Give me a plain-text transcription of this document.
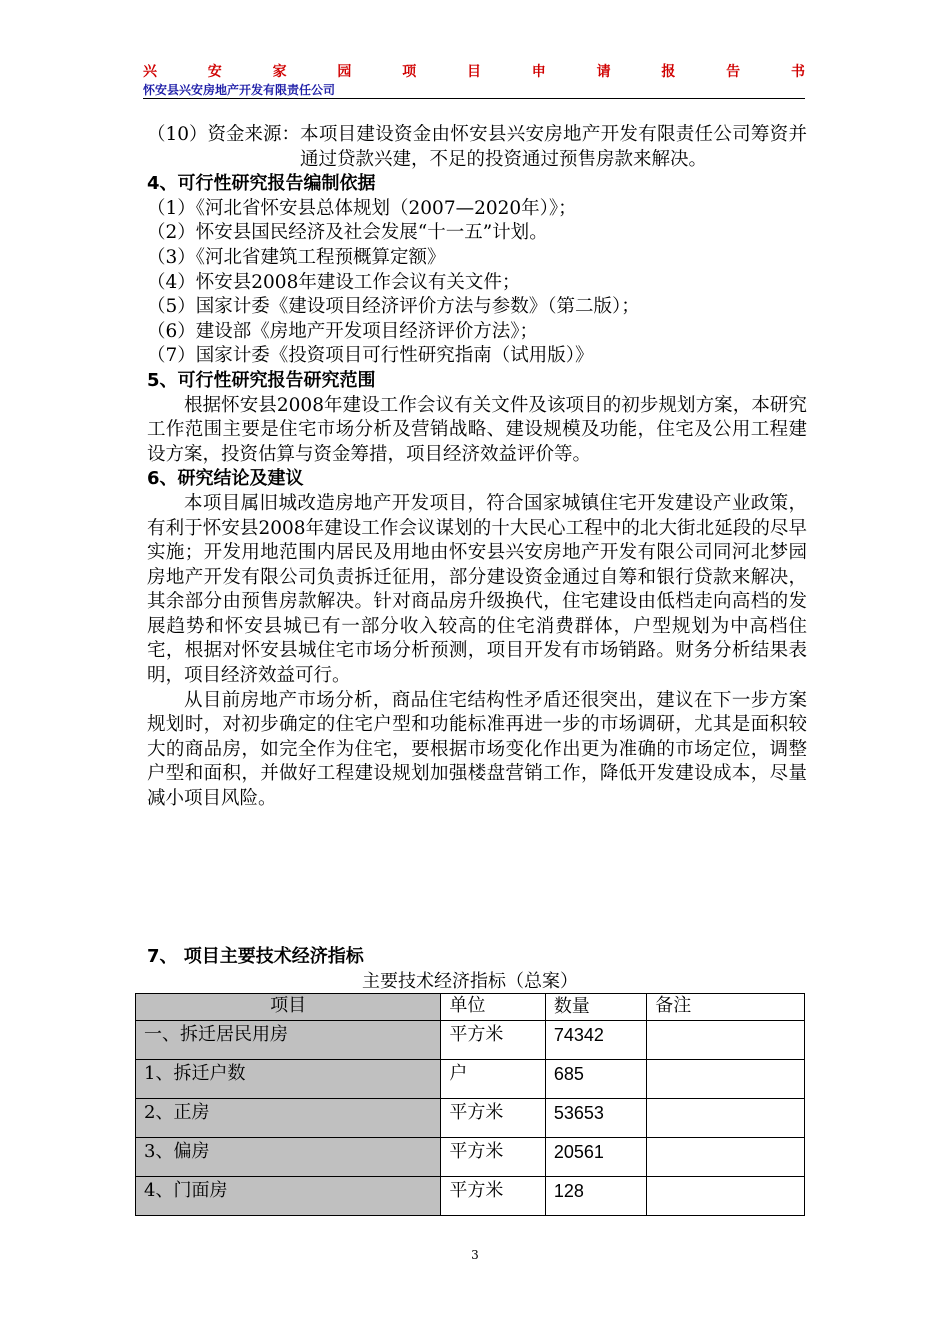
兴	安	家	园	项	目	申	请	报	告	书
怀安县兴安房地产开发有限责任公司
（10）资金来源： 本项目建设资金由怀安县兴安房地产开发有限责任公司筹资并通过贷款兴建，不足的投资通过预售房款来解决。

4、可行性研究报告编制依据

（1）《河北省怀安县总体规划（2007—2020年）》；

（2）怀安县国民经济及社会发展“十一五”计划。

（3）《河北省建筑工程预概算定额》

（4）怀安县2008年建设工作会议有关文件；

（5）国家计委《建设项目经济评价方法与参数》（第二版）；

（6）建设部《房地产开发项目经济评价方法》；

（7）国家计委《投资项目可行性研究指南（试用版）》

5、可行性研究报告研究范围

根据怀安县2008年建设工作会议有关文件及该项目的初步规划方案，本研究工作范围主要是住宅市场分析及营销战略、建设规模及功能，住宅及公用工程建设方案，投资估算与资金筹措，项目经济效益评价等。

6、研究结论及建议

本项目属旧城改造房地产开发项目，符合国家城镇住宅开发建设产业政策，有利于怀安县2008年建设工作会议谋划的十大民心工程中的北大街北延段的尽早实施；开发用地范围内居民及用地由怀安县兴安房地产开发有限公司同河北梦园房地产开发有限公司负责拆迁征用，部分建设资金通过自筹和银行贷款来解决，其余部分由预售房款解决。针对商品房升级换代，住宅建设由低档走向高档的发展趋势和怀安县城已有一部分收入较高的住宅消费群体，户型规划为中高档住宅，根据对怀安县城住宅市场分析预测，项目开发有市场销路。财务分析结果表明，项目经济效益可行。

从目前房地产市场分析，商品住宅结构性矛盾还很突出，建议在下一步方案规划时，对初步确定的住宅户型和功能标准再进一步的市场调研，尤其是面积较大的商品房，如完全作为住宅，要根据市场变化作出更为准确的市场定位，调整户型和面积，并做好工程建设规划加强楼盘营销工作，降低开发建设成本，尽量减小项目风险。

7、 项目主要技术经济指标
主要技术经济指标（总案）
项目	单位	数量	备注
一、拆迁居民用房	平方米	74342	
1、拆迁户数	户	685	
2、正房	平方米	53653	
3、偏房	平方米	20561	
4、门面房	平方米	128	
3
